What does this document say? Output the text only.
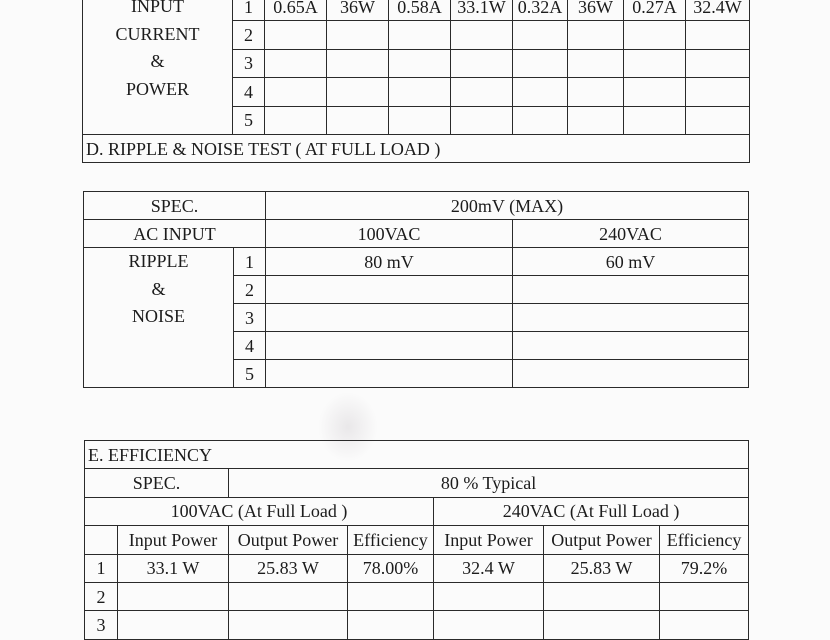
INPUT
CURRENT
&
POWER	1	0.65A	36W	0.58A	33.1W	0.32A	36W	0.27A	32.4W
	2								
	3								
	4								
	5								
D. RIPPLE & NOISE TEST ( AT FULL LOAD )									
SPEC.		200mV (MAX)	
AC INPUT		100VAC	240VAC

RIPPLE
&
NOISE	1	80 mV	60 mV
	2		
	3		
	4		
	5		
E. EFFICIENCY						
SPEC.		80 % Typical				
100VAC (At Full Load )				240VAC (At Full Load )		
	Input Power	Output Power	Efficiency	Input Power	Output Power	Efficiency
1	33.1 W	25.83 W	78.00%	32.4 W	25.83 W	79.2%
2						
3						
